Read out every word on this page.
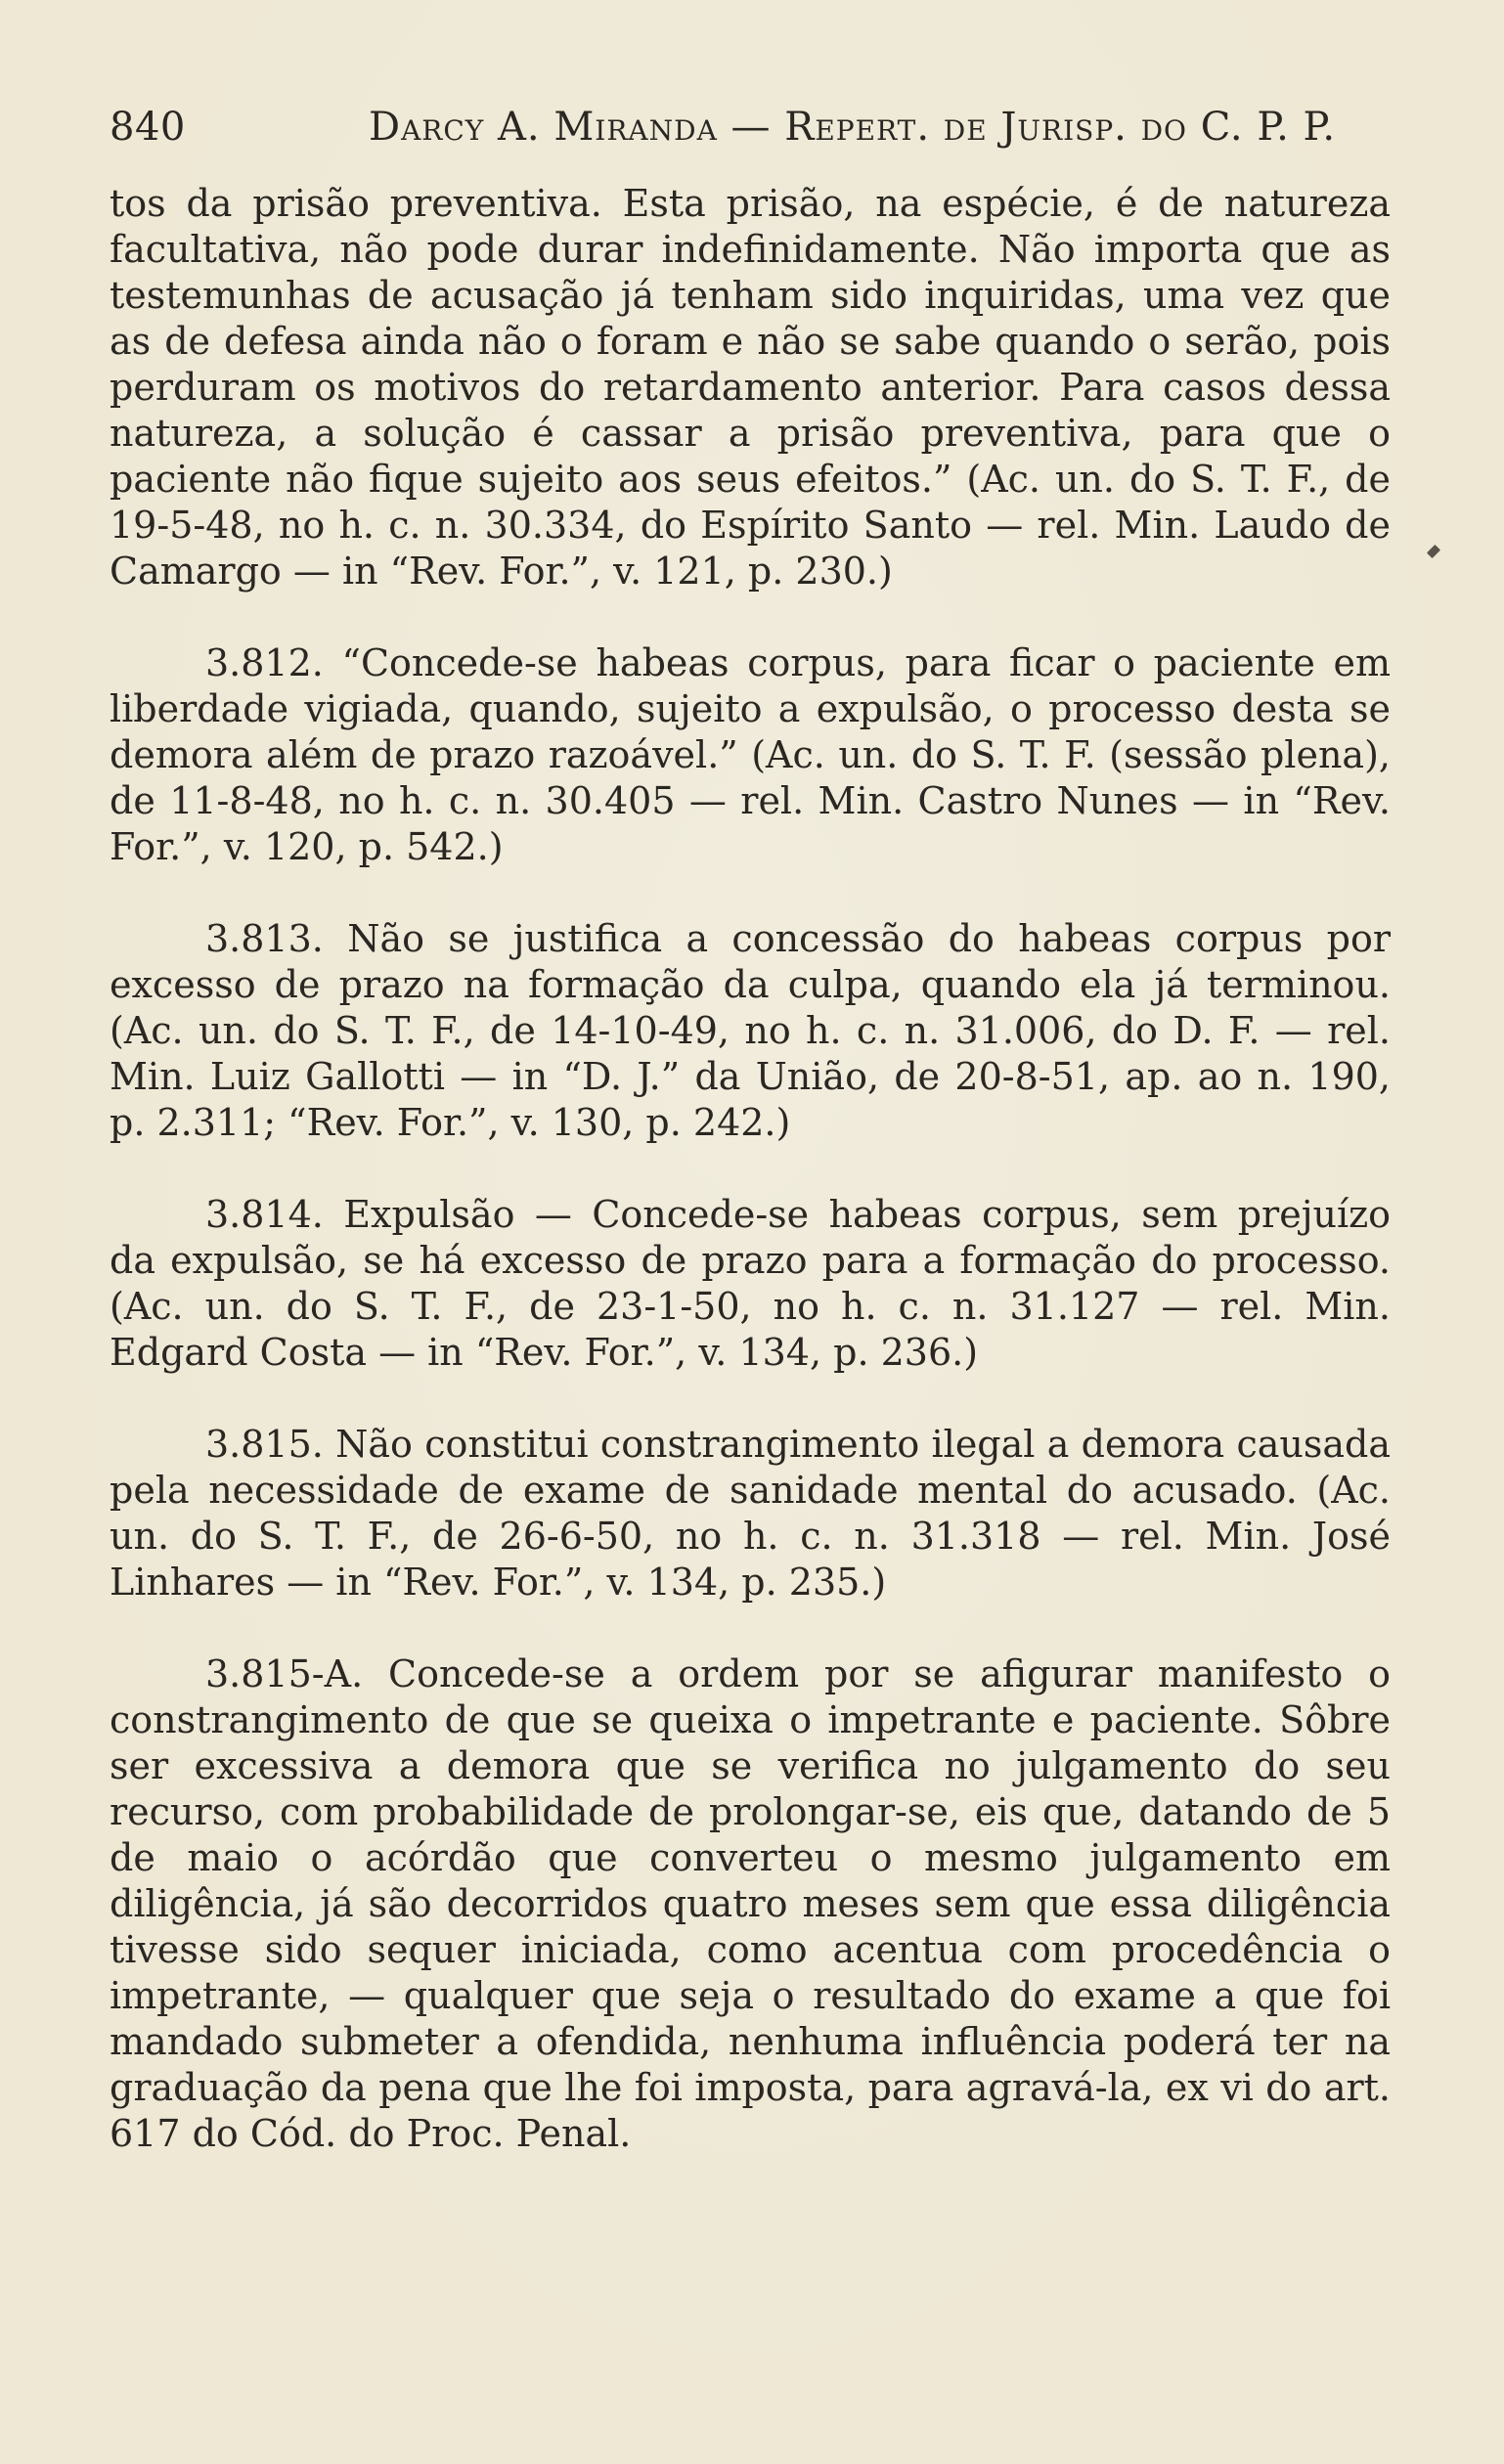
840	Darcy A. Miranda — Repert. de Jurisp. do C. P. P.

tos da prisão preventiva. Esta prisão, na espécie, é de natureza facultativa, não pode durar indefinidamente. Não importa que as testemunhas de acusação já tenham sido inquiridas, uma vez que as de defesa ainda não o foram e não se sabe quando o serão, pois perduram os motivos do retardamento anterior. Para casos dessa natureza, a solução é cassar a prisão preventiva, para que o paciente não fique sujeito aos seus efeitos.” (Ac. un. do S. T. F., de 19-5-48, no h. c. n. 30.334, do Espírito Santo — rel. Min. Laudo de Camargo — in “Rev. For.”, v. 121, p. 230.)

3.812. “Concede-se habeas corpus, para ficar o paciente em liberdade vigiada, quando, sujeito a expulsão, o processo desta se demora além de prazo razoável.” (Ac. un. do S. T. F. (sessão plena), de 11-8-48, no h. c. n. 30.405 — rel. Min. Castro Nunes — in “Rev. For.”, v. 120, p. 542.)

3.813. Não se justifica a concessão do habeas corpus por excesso de prazo na formação da culpa, quando ela já terminou. (Ac. un. do S. T. F., de 14-10-49, no h. c. n. 31.006, do D. F. — rel. Min. Luiz Gallotti — in “D. J.” da União, de 20-8-51, ap. ao n. 190, p. 2.311; “Rev. For.”, v. 130, p. 242.)

3.814. Expulsão — Concede-se habeas corpus, sem prejuízo da expulsão, se há excesso de prazo para a formação do processo. (Ac. un. do S. T. F., de 23-1-50, no h. c. n. 31.127 — rel. Min. Edgard Costa — in “Rev. For.”, v. 134, p. 236.)

3.815. Não constitui constrangimento ilegal a demora causada pela necessidade de exame de sanidade mental do acusado. (Ac. un. do S. T. F., de 26-6-50, no h. c. n. 31.318 — rel. Min. José Linhares — in “Rev. For.”, v. 134, p. 235.)

3.815-A. Concede-se a ordem por se afigurar manifesto o constrangimento de que se queixa o impetrante e paciente. Sôbre ser excessiva a demora que se verifica no julgamento do seu recurso, com probabilidade de prolongar-se, eis que, datando de 5 de maio o acórdão que converteu o mesmo julgamento em diligência, já são decorridos quatro meses sem que essa diligência tivesse sido sequer iniciada, como acentua com procedência o impetrante, — qualquer que seja o resultado do exame a que foi mandado submeter a ofendida, nenhuma influência poderá ter na graduação da pena que lhe foi imposta, para agravá-la, ex vi do art. 617 do Cód. do Proc. Penal.
